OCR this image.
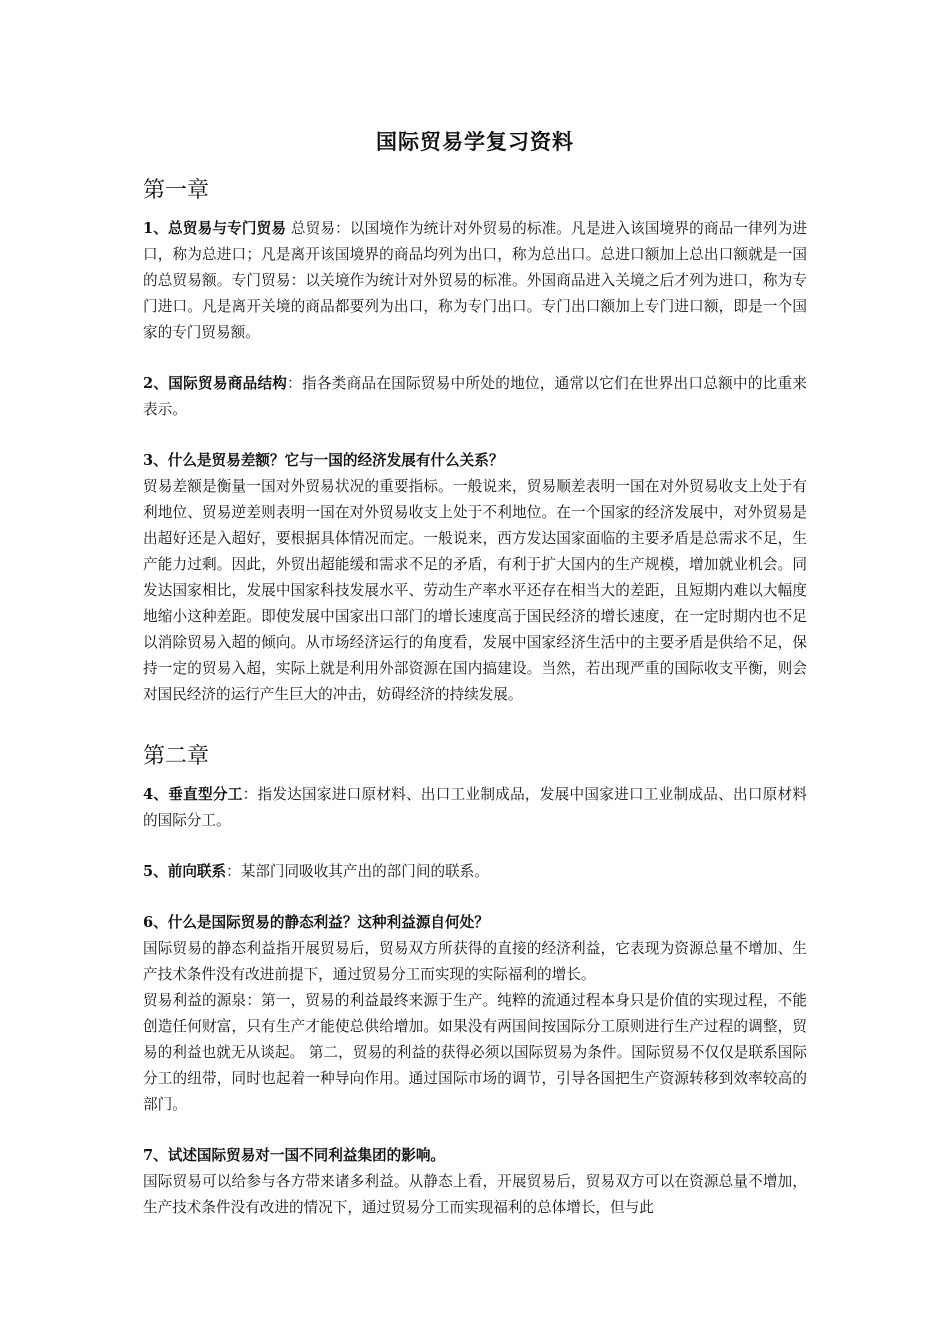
国际贸易学复习资料
第一章

1、总贸易与专门贸易 总贸易：以国境作为统计对外贸易的标准。凡是进入该国境界的商品一律列为进口，称为总进口；凡是离开该国境界的商品均列为出口，称为总出口。总进口额加上总出口额就是一国的总贸易额。专门贸易：以关境作为统计对外贸易的标准。外国商品进入关境之后才列为进口，称为专门进口。凡是离开关境的商品都要列为出口，称为专门出口。专门出口额加上专门进口额，即是一个国家的专门贸易额。

2、国际贸易商品结构：指各类商品在国际贸易中所处的地位，通常以它们在世界出口总额中的比重来表示。

3、什么是贸易差额？它与一国的经济发展有什么关系？

贸易差额是衡量一国对外贸易状况的重要指标。一般说来，贸易顺差表明一国在对外贸易收支上处于有利地位、贸易逆差则表明一国在对外贸易收支上处于不利地位。在一个国家的经济发展中，对外贸易是出超好还是入超好，要根据具体情况而定。一般说来，西方发达国家面临的主要矛盾是总需求不足，生产能力过剩。因此，外贸出超能缓和需求不足的矛盾，有利于扩大国内的生产规模，增加就业机会。同发达国家相比，发展中国家科技发展水平、劳动生产率水平还存在相当大的差距，且短期内难以大幅度地缩小这种差距。即使发展中国家出口部门的增长速度高于国民经济的增长速度，在一定时期内也不足以消除贸易入超的倾向。从市场经济运行的角度看，发展中国家经济生活中的主要矛盾是供给不足，保持一定的贸易入超，实际上就是利用外部资源在国内搞建设。当然，若出现严重的国际收支平衡，则会对国民经济的运行产生巨大的冲击，妨碍经济的持续发展。

第二章

4、垂直型分工：指发达国家进口原材料、出口工业制成品，发展中国家进口工业制成品、出口原材料的国际分工。

5、前向联系：某部门同吸收其产出的部门间的联系。

6、什么是国际贸易的静态利益？这种利益源自何处？

国际贸易的静态利益指开展贸易后，贸易双方所获得的直接的经济利益，它表现为资源总量不增加、生产技术条件没有改进前提下，通过贸易分工而实现的实际福利的增长。

贸易利益的源泉：第一，贸易的利益最终来源于生产。纯粹的流通过程本身只是价值的实现过程，不能创造任何财富，只有生产才能使总供给增加。如果没有两国间按国际分工原则进行生产过程的调整，贸易的利益也就无从谈起。 第二，贸易的利益的获得必须以国际贸易为条件。国际贸易不仅仅是联系国际分工的纽带，同时也起着一种导向作用。通过国际市场的调节，引导各国把生产资源转移到效率较高的部门。

7、试述国际贸易对一国不同利益集团的影响。

国际贸易可以给参与各方带来诸多利益。从静态上看，开展贸易后，贸易双方可以在资源总量不增加，生产技术条件没有改进的情况下，通过贸易分工而实现福利的总体增长，但与此
